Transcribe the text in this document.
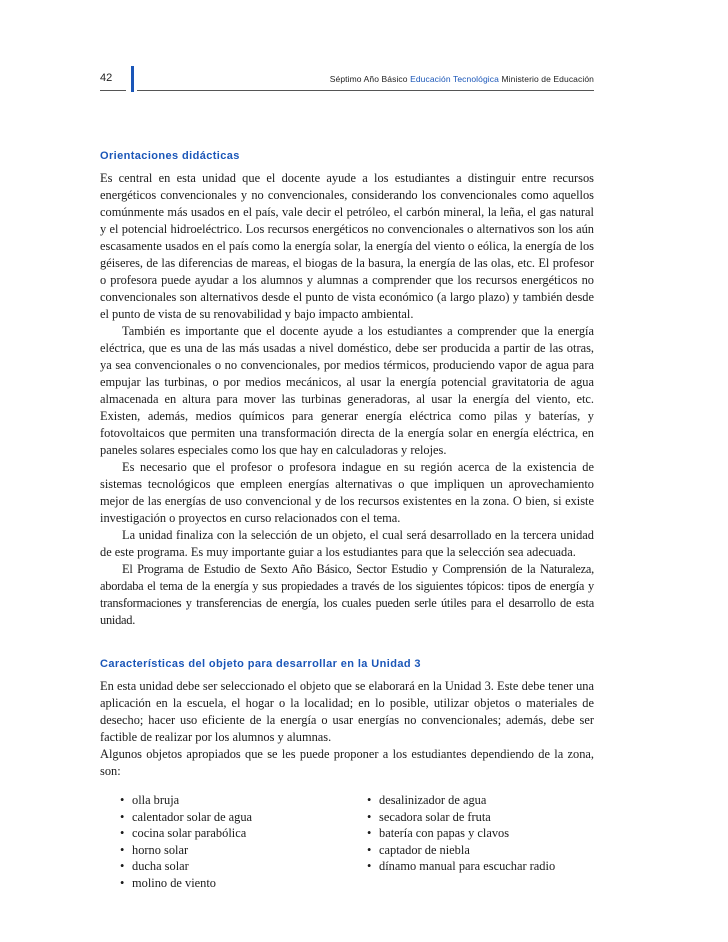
42	Séptimo Año Básico Educación Tecnológica Ministerio de Educación
Orientaciones didácticas

Es central en esta unidad que el docente ayude a los estudiantes a distinguir entre recursos energéticos convencionales y no convencionales, considerando los convencionales como aquellos comúnmente más usados en el país, vale decir el petróleo, el carbón mineral, la leña, el gas natural y el potencial hidroeléctrico. Los recursos energéticos no convencionales o alternativos son los aún escasamente usados en el país como la energía solar, la energía del viento o eólica, la energía de los géiseres, de las diferencias de mareas, el biogas de la basura, la energía de las olas, etc. El profesor o profesora puede ayudar a los alumnos y alumnas a comprender que los recursos energéticos no convencionales son alternativos desde el punto de vista económico (a largo plazo) y también desde el punto de vista de su renovabilidad y bajo impacto ambiental.

También es importante que el docente ayude a los estudiantes a comprender que la energía eléctrica, que es una de las más usadas a nivel doméstico, debe ser producida a partir de las otras, ya sea convencionales o no convencionales, por medios térmicos, produciendo vapor de agua para empujar las turbinas, o por medios mecánicos, al usar la energía potencial gravitatoria de agua almacenada en altura para mover las turbinas generadoras, al usar la energía del viento, etc. Existen, además, medios químicos para generar energía eléctrica como pilas y baterías, y fotovoltaicos que permiten una transformación directa de la energía solar en energía eléctrica, en paneles solares especiales como los que hay en calculadoras y relojes.

Es necesario que el profesor o profesora indague en su región acerca de la existencia de sistemas tecnológicos que empleen energías alternativas o que impliquen un aprovechamiento mejor de las energías de uso convencional y de los recursos existentes en la zona. O bien, si existe investigación o proyectos en curso relacionados con el tema.

La unidad finaliza con la selección de un objeto, el cual será desarrollado en la tercera unidad de este programa. Es muy importante guiar a los estudiantes para que la selección sea adecuada.

El Programa de Estudio de Sexto Año Básico, Sector Estudio y Comprensión de la Naturaleza, abordaba el tema de la energía y sus propiedades a través de los siguientes tópicos: tipos de energía y transformaciones y transferencias de energía, los cuales pueden serle útiles para el desarrollo de esta unidad.

Características del objeto para desarrollar en la Unidad 3

En esta unidad debe ser seleccionado el objeto que se elaborará en la Unidad 3. Este debe tener una aplicación en la escuela, el hogar o la localidad; en lo posible, utilizar objetos o materiales de desecho; hacer uso eficiente de la energía o usar energías no convencionales; además, debe ser factible de realizar por los alumnos y alumnas.

Algunos objetos apropiados que se les puede proponer a los estudiantes dependiendo de la zona, son:

• olla bruja
• calentador solar de agua
• cocina solar parabólica
• horno solar
• ducha solar
• molino de viento
• desalinizador de agua
• secadora solar de fruta
• batería con papas y clavos
• captador de niebla
• dínamo manual para escuchar radio
